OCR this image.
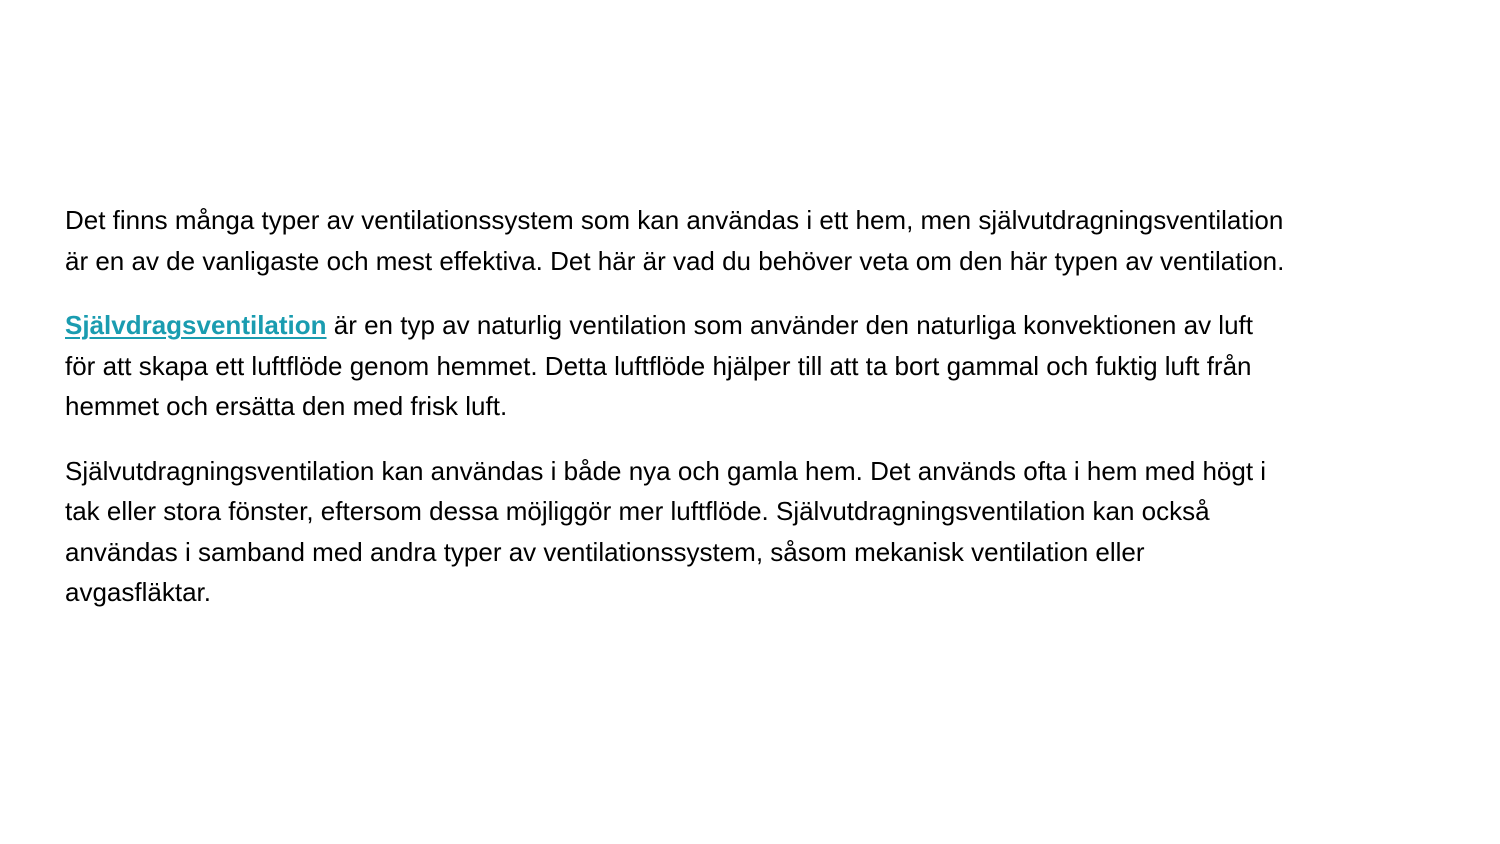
Det finns många typer av ventilationssystem som kan användas i ett hem, men självutdragningsventilation
är en av de vanligaste och mest effektiva. Det här är vad du behöver veta om den här typen av ventilation.

Självdragsventilation är en typ av naturlig ventilation som använder den naturliga konvektionen av luft
för att skapa ett luftflöde genom hemmet. Detta luftflöde hjälper till att ta bort gammal och fuktig luft från
hemmet och ersätta den med frisk luft.

Självutdragningsventilation kan användas i både nya och gamla hem. Det används ofta i hem med högt i
tak eller stora fönster, eftersom dessa möjliggör mer luftflöde. Självutdragningsventilation kan också
användas i samband med andra typer av ventilationssystem, såsom mekanisk ventilation eller
avgasfläktar.
